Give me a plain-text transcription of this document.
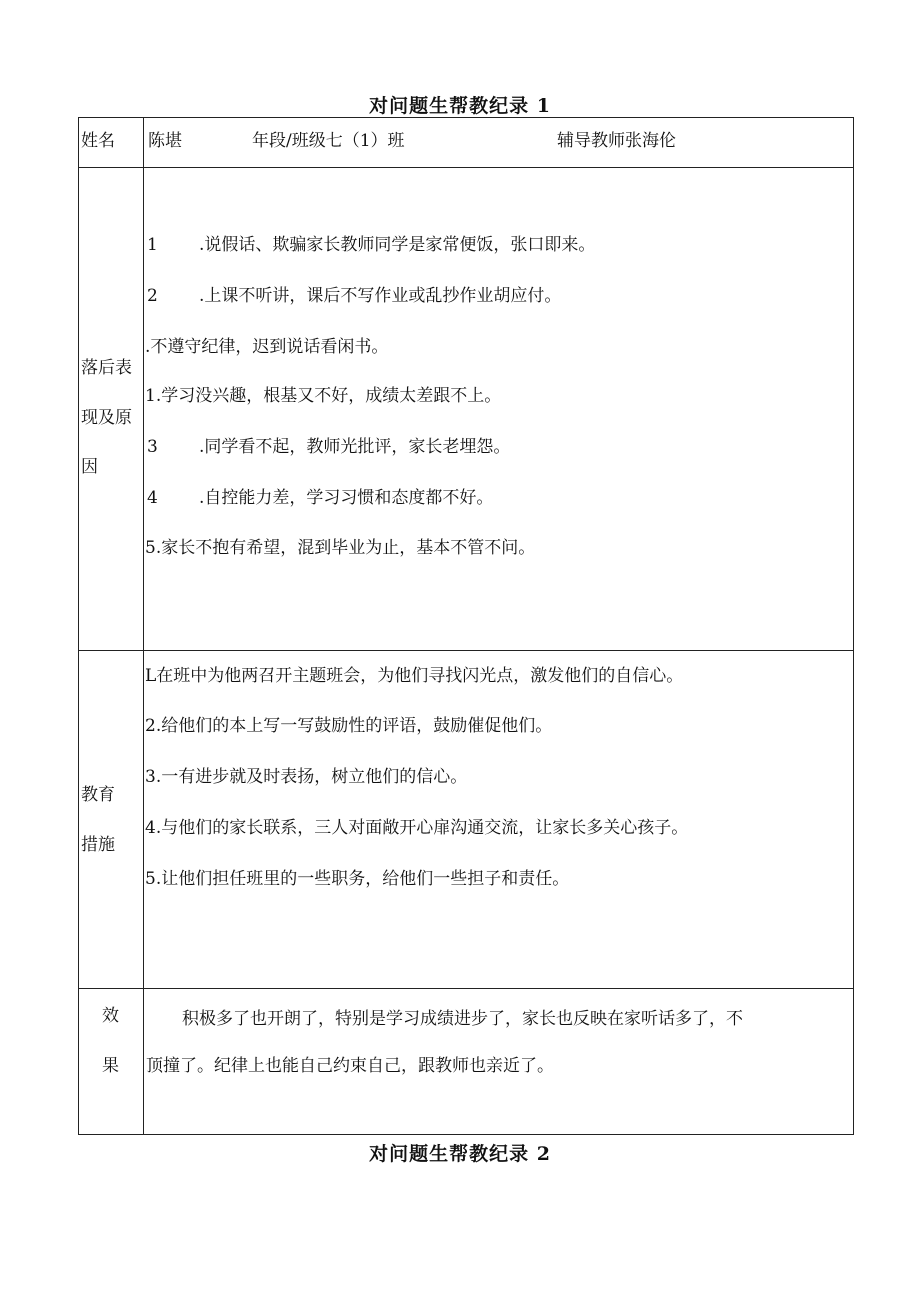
对问题生帮教纪录 1
姓名 陈堪	年段/班级七（1）班	辅导教师张海伦
落后表
现及原
因
1 .说假话、欺骗家长教师同学是家常便饭，张口即来。
2 .上课不听讲，课后不写作业或乱抄作业胡应付。
.不遵守纪律，迟到说话看闲书。
1.学习没兴趣，根基又不好，成绩太差跟不上。
3 .同学看不起，教师光批评，家长老埋怨。
4 .自控能力差，学习习惯和态度都不好。
5.家长不抱有希望，混到毕业为止，基本不管不问。
教育
措施
L在班中为他两召开主题班会，为他们寻找闪光点，激发他们的自信心。
2.给他们的本上写一写鼓励性的评语，鼓励催促他们。
3.一有进步就及时表扬，树立他们的信心。
4.与他们的家长联系，三人对面敞开心扉沟通交流，让家长多关心孩子。
5.让他们担任班里的一些职务，给他们一些担子和责任。
效
果
积极多了也开朗了，特别是学习成绩进步了，家长也反映在家听话多了，不
顶撞了。纪律上也能自己约束自己，跟教师也亲近了。
对问题生帮教纪录 2
